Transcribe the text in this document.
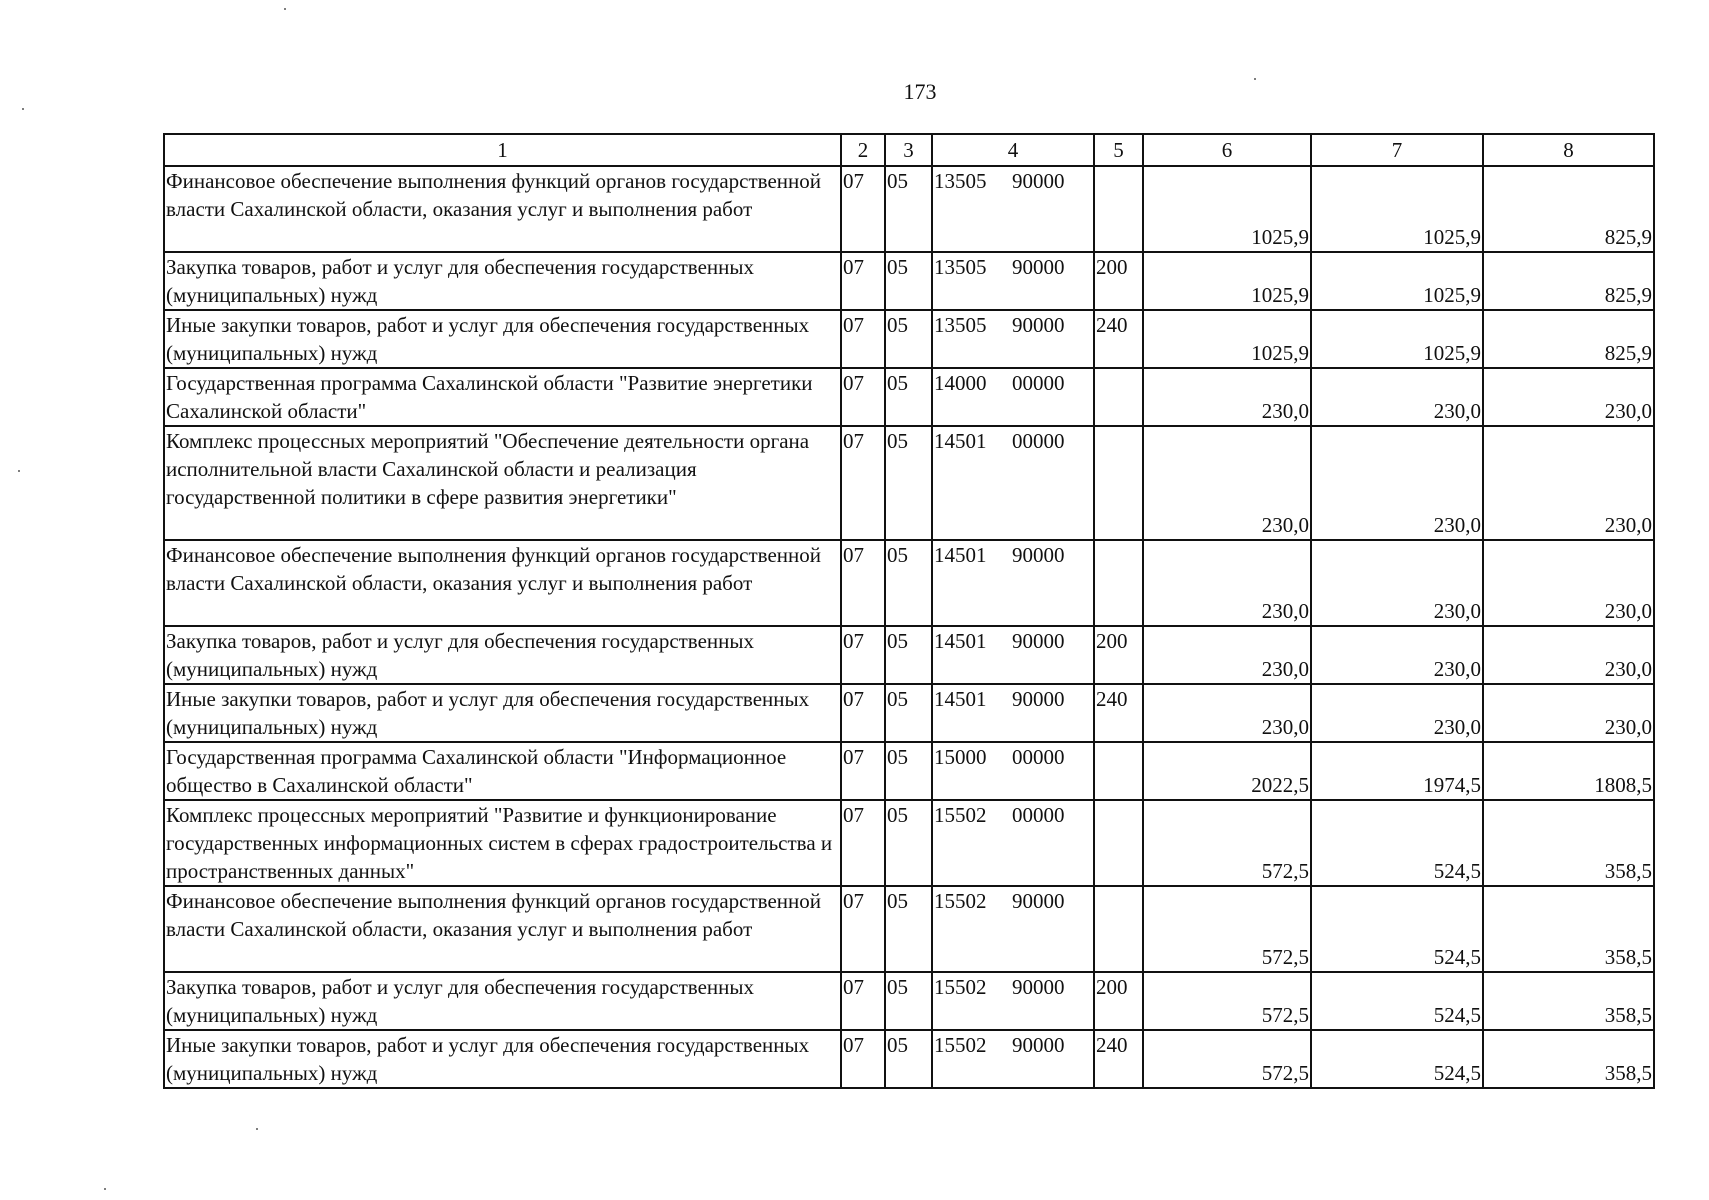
173
1	2	3	4	5	6	7	8
Финансовое обеспечение выполнения функций органов государственной власти Сахалинской области, оказания услуг и выполнения работ	07	05	13505 90000		1025,9	1025,9	825,9
Закупка товаров, работ и услуг для обеспечения государственных (муниципальных) нужд	07	05	13505 90000	200	1025,9	1025,9	825,9
Иные закупки товаров, работ и услуг для обеспечения государственных (муниципальных) нужд	07	05	13505 90000	240	1025,9	1025,9	825,9
Государственная программа Сахалинской области "Развитие энергетики Сахалинской области"	07	05	14000 00000		230,0	230,0	230,0
Комплекс процессных мероприятий "Обеспечение деятельности органа исполнительной власти Сахалинской области и реализация государственной политики в сфере развития энергетики"	07	05	14501 00000		230,0	230,0	230,0
Финансовое обеспечение выполнения функций органов государственной власти Сахалинской области, оказания услуг и выполнения работ	07	05	14501 90000		230,0	230,0	230,0
Закупка товаров, работ и услуг для обеспечения государственных (муниципальных) нужд	07	05	14501 90000	200	230,0	230,0	230,0
Иные закупки товаров, работ и услуг для обеспечения государственных (муниципальных) нужд	07	05	14501 90000	240	230,0	230,0	230,0
Государственная программа Сахалинской области "Информационное общество в Сахалинской области"	07	05	15000 00000		2022,5	1974,5	1808,5
Комплекс процессных мероприятий "Развитие и функционирование государственных информационных систем в сферах градостроительства и пространственных данных"	07	05	15502 00000		572,5	524,5	358,5
Финансовое обеспечение выполнения функций органов государственной власти Сахалинской области, оказания услуг и выполнения работ	07	05	15502 90000		572,5	524,5	358,5
Закупка товаров, работ и услуг для обеспечения государственных (муниципальных) нужд	07	05	15502 90000	200	572,5	524,5	358,5
Иные закупки товаров, работ и услуг для обеспечения государственных (муниципальных) нужд	07	05	15502 90000	240	572,5	524,5	358,5
